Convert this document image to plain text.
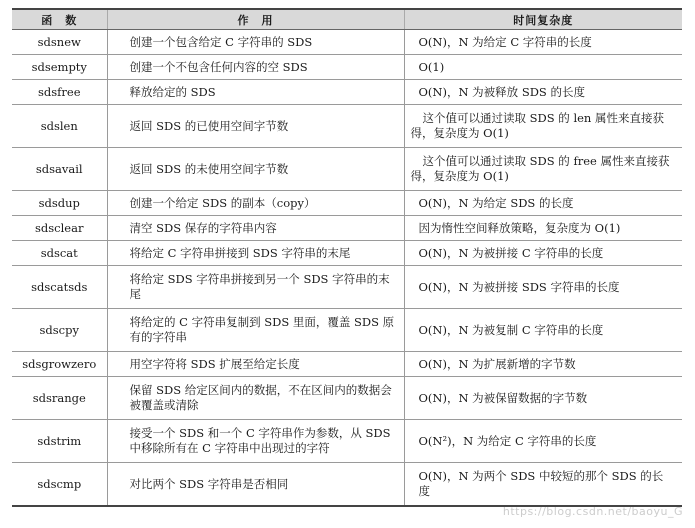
函　数	作　用	时间复杂度
sdsnew	创建一个包含给定 C 字符串的 SDS	O(N)，N 为给定 C 字符串的长度
sdsempty	创建一个不包含任何内容的空 SDS	O(1)
sdsfree	释放给定的 SDS	O(N)，N 为被释放 SDS 的长度
sdslen	返回 SDS 的已使用空间字节数	这个值可以通过读取 SDS 的 len 属性来直接获得，复杂度为 O(1)
sdsavail	返回 SDS 的未使用空间字节数	这个值可以通过读取 SDS 的 free 属性来直接获得，复杂度为 O(1)
sdsdup	创建一个给定 SDS 的副本（copy）	O(N)，N 为给定 SDS 的长度
sdsclear	清空 SDS 保存的字符串内容	因为惰性空间释放策略，复杂度为 O(1)
sdscat	将给定 C 字符串拼接到 SDS 字符串的末尾	O(N)，N 为被拼接 C 字符串的长度
sdscatsds	将给定 SDS 字符串拼接到另一个 SDS 字符串的末尾	O(N)，N 为被拼接 SDS 字符串的长度
sdscpy	将给定的 C 字符串复制到 SDS 里面，覆盖 SDS 原有的字符串	O(N)，N 为被复制 C 字符串的长度
sdsgrowzero	用空字符将 SDS 扩展至给定长度	O(N)，N 为扩展新增的字节数
sdsrange	保留 SDS 给定区间内的数据，不在区间内的数据会被覆盖或清除	O(N)，N 为被保留数据的字节数
sdstrim	接受一个 SDS 和一个 C 字符串作为参数，从 SDS 中移除所有在 C 字符串中出现过的字符	O(N²)，N 为给定 C 字符串的长度
sdscmp	对比两个 SDS 字符串是否相同	O(N)，N 为两个 SDS 中较短的那个 SDS 的长度
https://blog.csdn.net/baoyu_G
